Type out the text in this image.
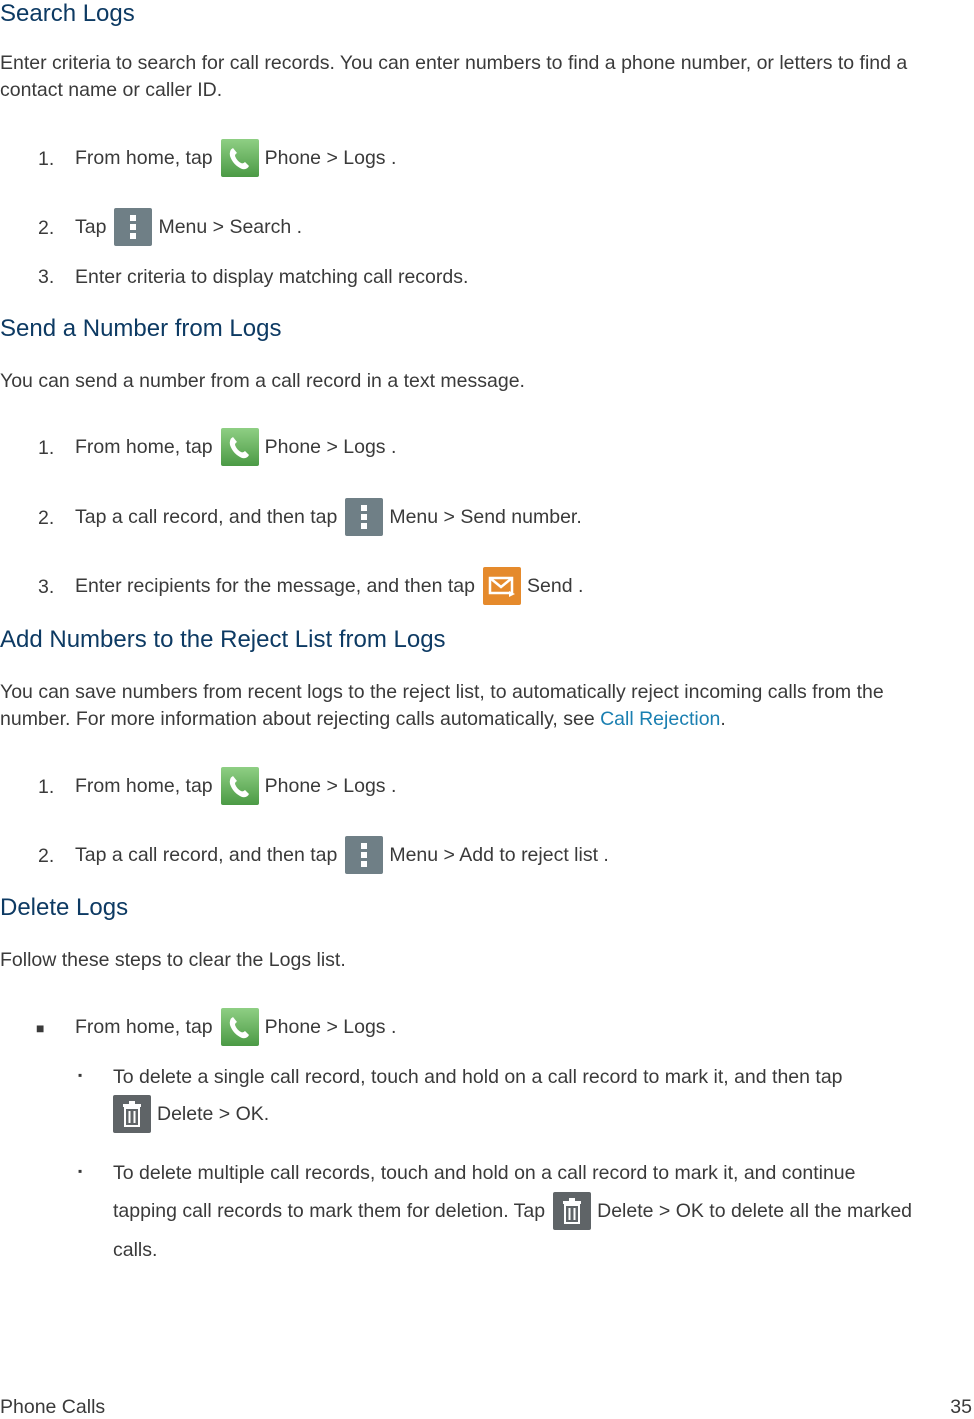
Search Logs

Enter criteria to search for call records. You can enter numbers to find a phone number, or letters to find a
contact name or caller ID.

1. From home, tap	Phone > Logs .
2. Tap	Menu > Search .
3. Enter criteria to display matching call records.
Send a Number from Logs

You can send a number from a call record in a text message.

1. From home, tap	Phone > Logs .
2. Tap a call record, and then tap	Menu > Send number.
3. Enter recipients for the message, and then tap	Send .
Add Numbers to the Reject List from Logs

You can save numbers from recent logs to the reject list, to automatically reject incoming calls from the
number. For more information about rejecting calls automatically, see Call Rejection.

1. From home, tap	Phone > Logs .
2. Tap a call record, and then tap	Menu > Add to reject list .
Delete Logs

Follow these steps to clear the Logs list.

■ From home, tap	Phone > Logs .
▪ To delete a single call record, touch and hold on a call record to mark it, and then tap
Delete > OK.
▪ To delete multiple call records, touch and hold on a call record to mark it, and continue
tapping call records to mark them for deletion. Tap	Delete > OK to delete all the marked
calls.
Phone Calls	35
